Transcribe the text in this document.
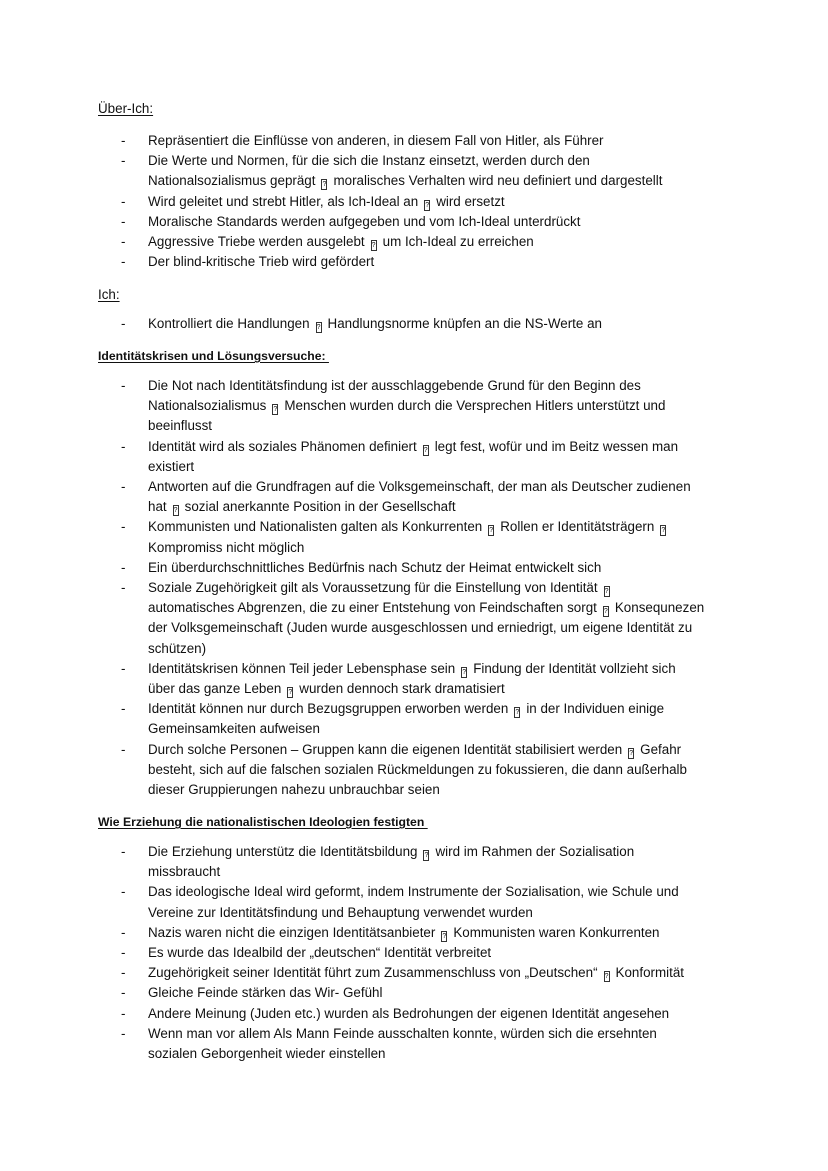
Über-Ich:
- Repräsentiert die Einflüsse von anderen, in diesem Fall von Hitler, als Führer
- Die Werte und Normen, für die sich die Instanz einsetzt, werden durch den
Nationalsozialismus geprägt ? moralisches Verhalten wird neu definiert und dargestellt
- Wird geleitet und strebt Hitler, als Ich-Ideal an ? wird ersetzt
- Moralische Standards werden aufgegeben und vom Ich-Ideal unterdrückt
- Aggressive Triebe werden ausgelebt ? um Ich-Ideal zu erreichen
- Der blind-kritische Trieb wird gefördert
Ich:
- Kontrolliert die Handlungen ? Handlungsnorme knüpfen an die NS-Werte an
Identitätskrisen und Lösungsversuche:
- Die Not nach Identitätsfindung ist der ausschlaggebende Grund für den Beginn des
Nationalsozialismus ? Menschen wurden durch die Versprechen Hitlers unterstützt und
beeinflusst
- Identität wird als soziales Phänomen definiert ? legt fest, wofür und im Beitz wessen man
existiert
- Antworten auf die Grundfragen auf die Volksgemeinschaft, der man als Deutscher zudienen
hat ? sozial anerkannte Position in der Gesellschaft
- Kommunisten und Nationalisten galten als Konkurrenten ? Rollen er Identitätsträgern ?
Kompromiss nicht möglich
- Ein überdurchschnittliches Bedürfnis nach Schutz der Heimat entwickelt sich
- Soziale Zugehörigkeit gilt als Voraussetzung für die Einstellung von Identität ?
automatisches Abgrenzen, die zu einer Entstehung von Feindschaften sorgt ? Konsequnezen
der Volksgemeinschaft (Juden wurde ausgeschlossen und erniedrigt, um eigene Identität zu
schützen)
- Identitätskrisen können Teil jeder Lebensphase sein ? Findung der Identität vollzieht sich
über das ganze Leben ? wurden dennoch stark dramatisiert
- Identität können nur durch Bezugsgruppen erworben werden ? in der Individuen einige
Gemeinsamkeiten aufweisen
- Durch solche Personen – Gruppen kann die eigenen Identität stabilisiert werden ? Gefahr
besteht, sich auf die falschen sozialen Rückmeldungen zu fokussieren, die dann außerhalb
dieser Gruppierungen nahezu unbrauchbar seien
Wie Erziehung die nationalistischen Ideologien festigten
- Die Erziehung unterstütz die Identitätsbildung ? wird im Rahmen der Sozialisation
missbraucht
- Das ideologische Ideal wird geformt, indem Instrumente der Sozialisation, wie Schule und
Vereine zur Identitätsfindung und Behauptung verwendet wurden
- Nazis waren nicht die einzigen Identitätsanbieter ? Kommunisten waren Konkurrenten
- Es wurde das Idealbild der „deutschen“ Identität verbreitet
- Zugehörigkeit seiner Identität führt zum Zusammenschluss von „Deutschen“ ? Konformität
- Gleiche Feinde stärken das Wir- Gefühl
- Andere Meinung (Juden etc.) wurden als Bedrohungen der eigenen Identität angesehen
- Wenn man vor allem Als Mann Feinde ausschalten konnte, würden sich die ersehnten
sozialen Geborgenheit wieder einstellen
